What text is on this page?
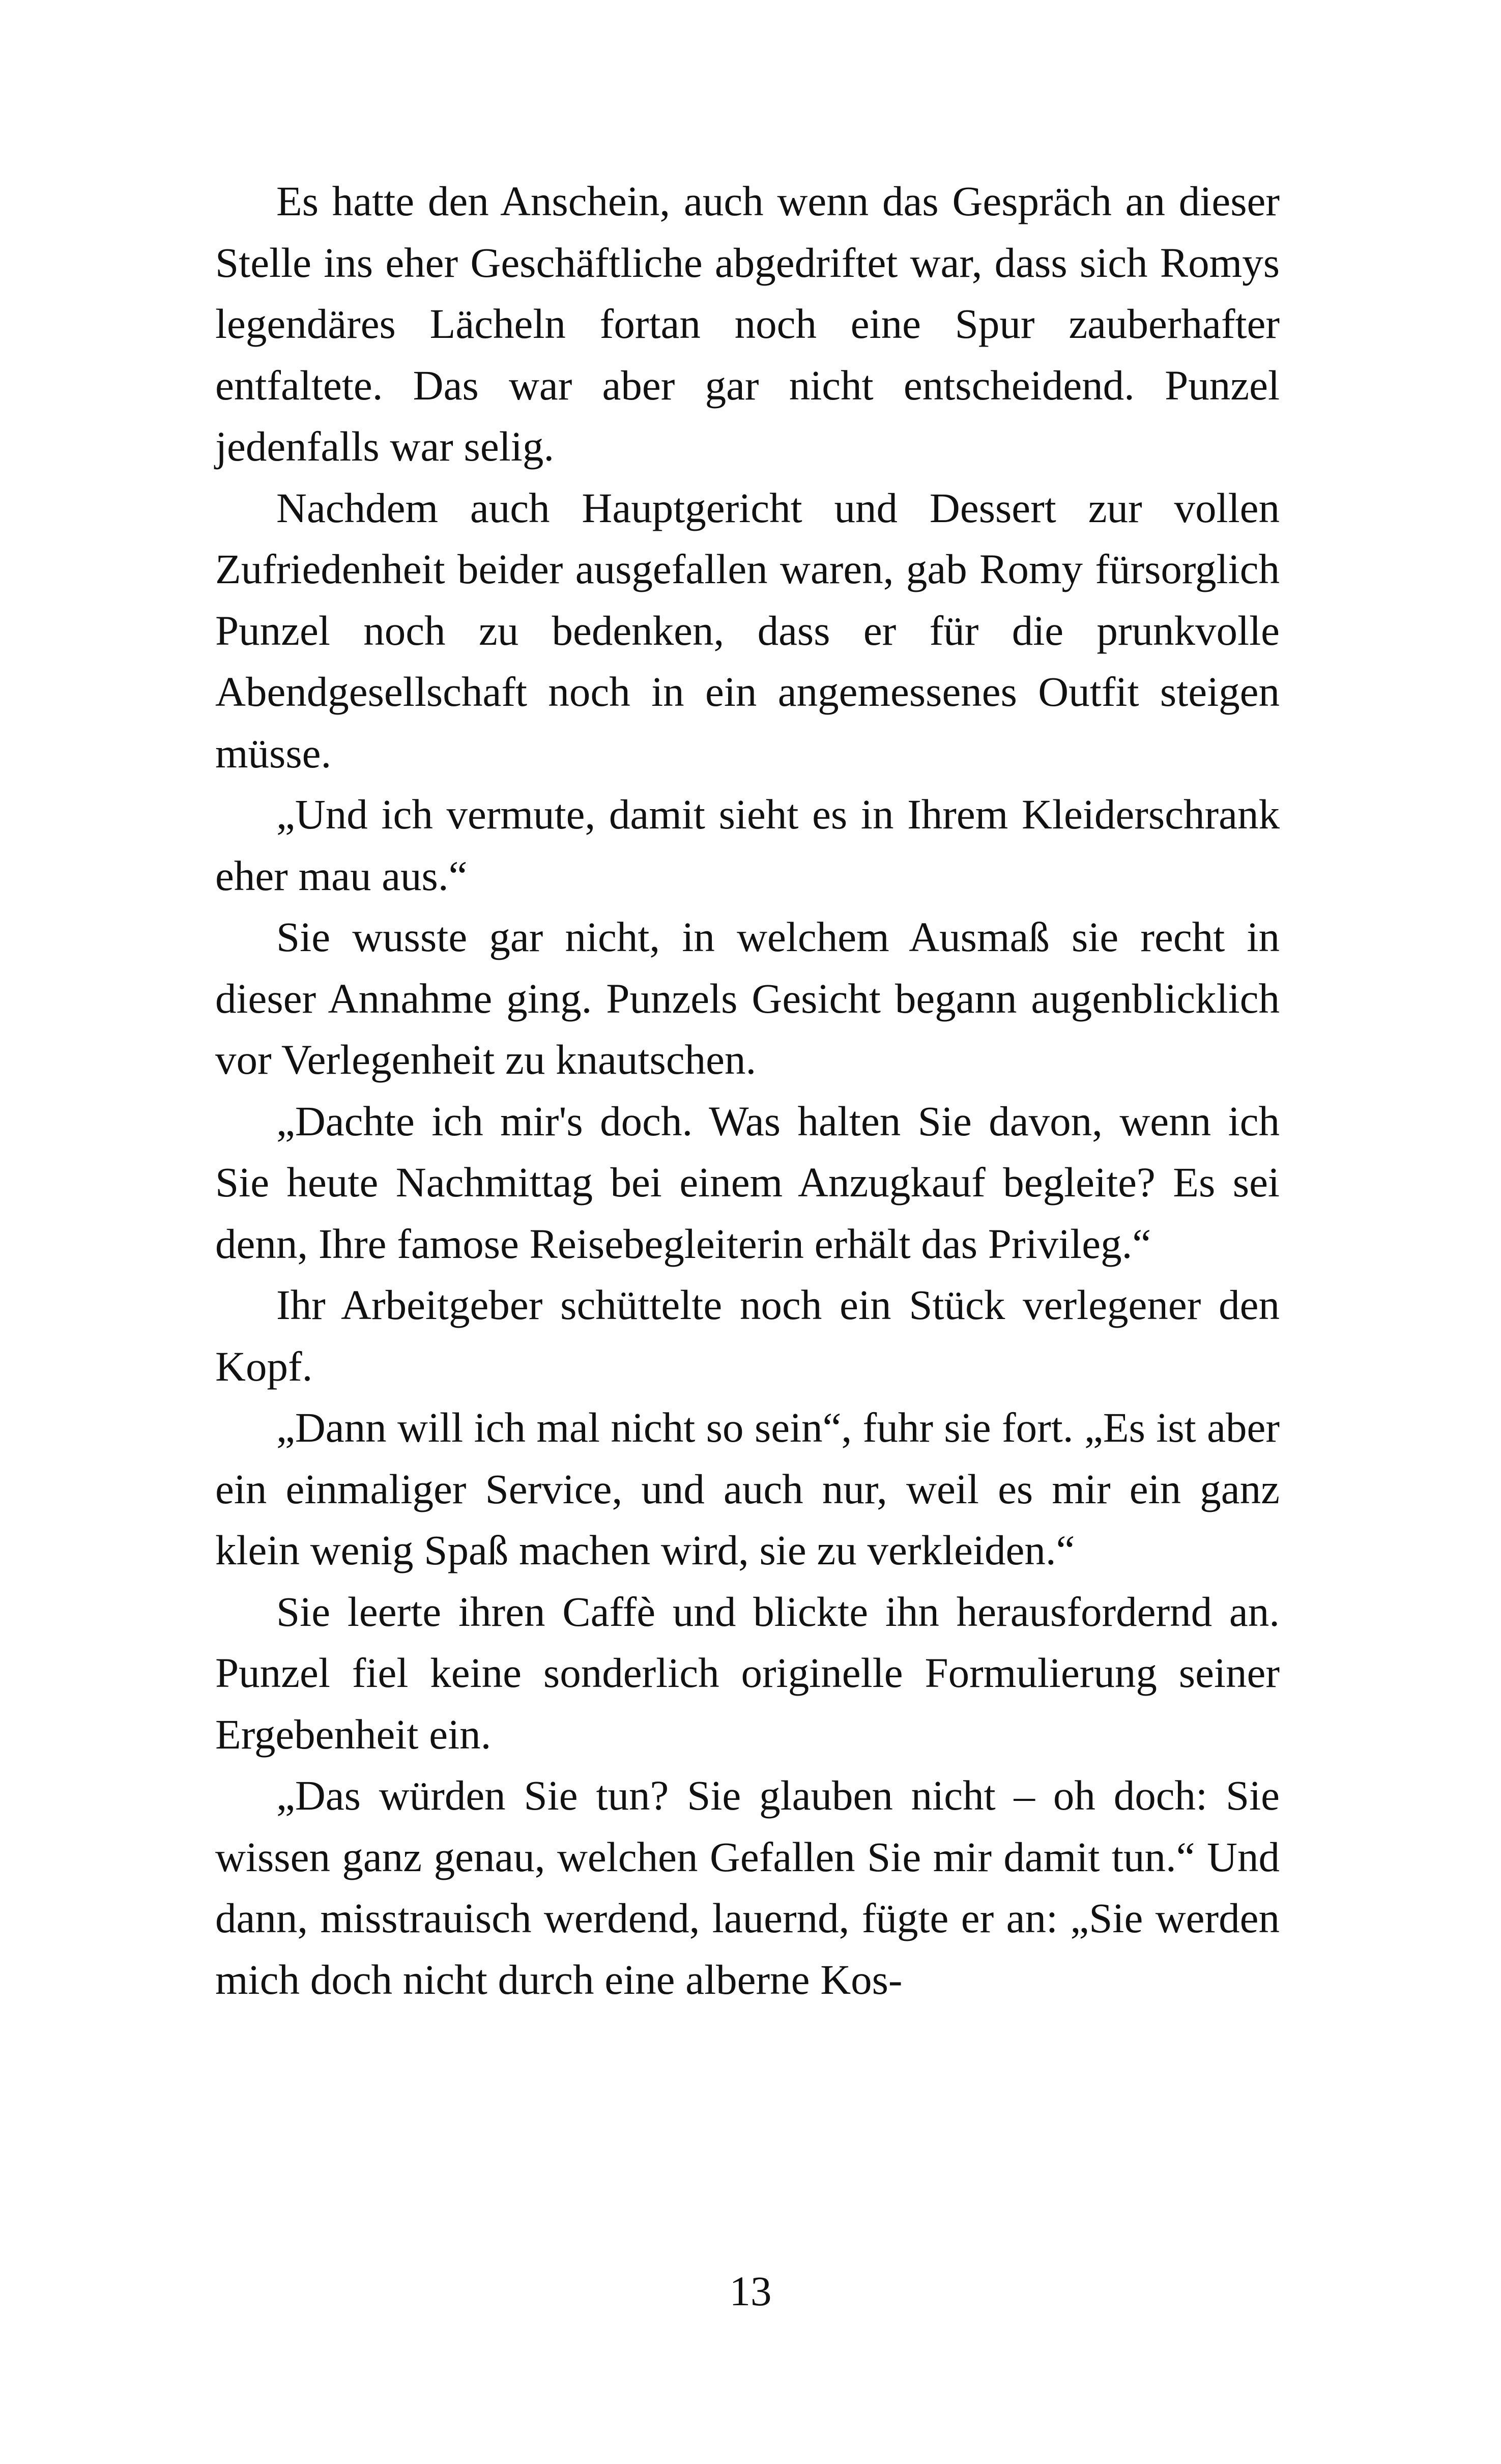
Es hatte den Anschein, auch wenn das Gespräch an dieser Stelle ins eher Geschäftliche abgedriftet war, dass sich Romys legendäres Lächeln fortan noch eine Spur zauberhafter entfaltete. Das war aber gar nicht entscheidend. Punzel jedenfalls war selig.

Nachdem auch Hauptgericht und Dessert zur vollen Zufriedenheit beider ausgefallen waren, gab Romy fürsorglich Punzel noch zu bedenken, dass er für die prunkvolle Abendgesellschaft noch in ein angemessenes Outfit steigen müsse.

„Und ich vermute, damit sieht es in Ihrem Kleiderschrank eher mau aus.“

Sie wusste gar nicht, in welchem Ausmaß sie recht in dieser Annahme ging. Punzels Gesicht begann augenblicklich vor Verlegenheit zu knautschen.

„Dachte ich mir's doch. Was halten Sie davon, wenn ich Sie heute Nachmittag bei einem Anzugkauf begleite? Es sei denn, Ihre famose Reisebegleiterin erhält das Privileg.“

Ihr Arbeitgeber schüttelte noch ein Stück verlegener den Kopf.

„Dann will ich mal nicht so sein“, fuhr sie fort. „Es ist aber ein einmaliger Service, und auch nur, weil es mir ein ganz klein wenig Spaß machen wird, sie zu verkleiden.“

Sie leerte ihren Caffè und blickte ihn herausfordernd an. Punzel fiel keine sonderlich originelle Formulierung seiner Ergebenheit ein.

„Das würden Sie tun? Sie glauben nicht – oh doch: Sie wissen ganz genau, welchen Gefallen Sie mir damit tun.“ Und dann, misstrauisch werdend, lauernd, fügte er an: „Sie werden mich doch nicht durch eine alberne Kos-

13
